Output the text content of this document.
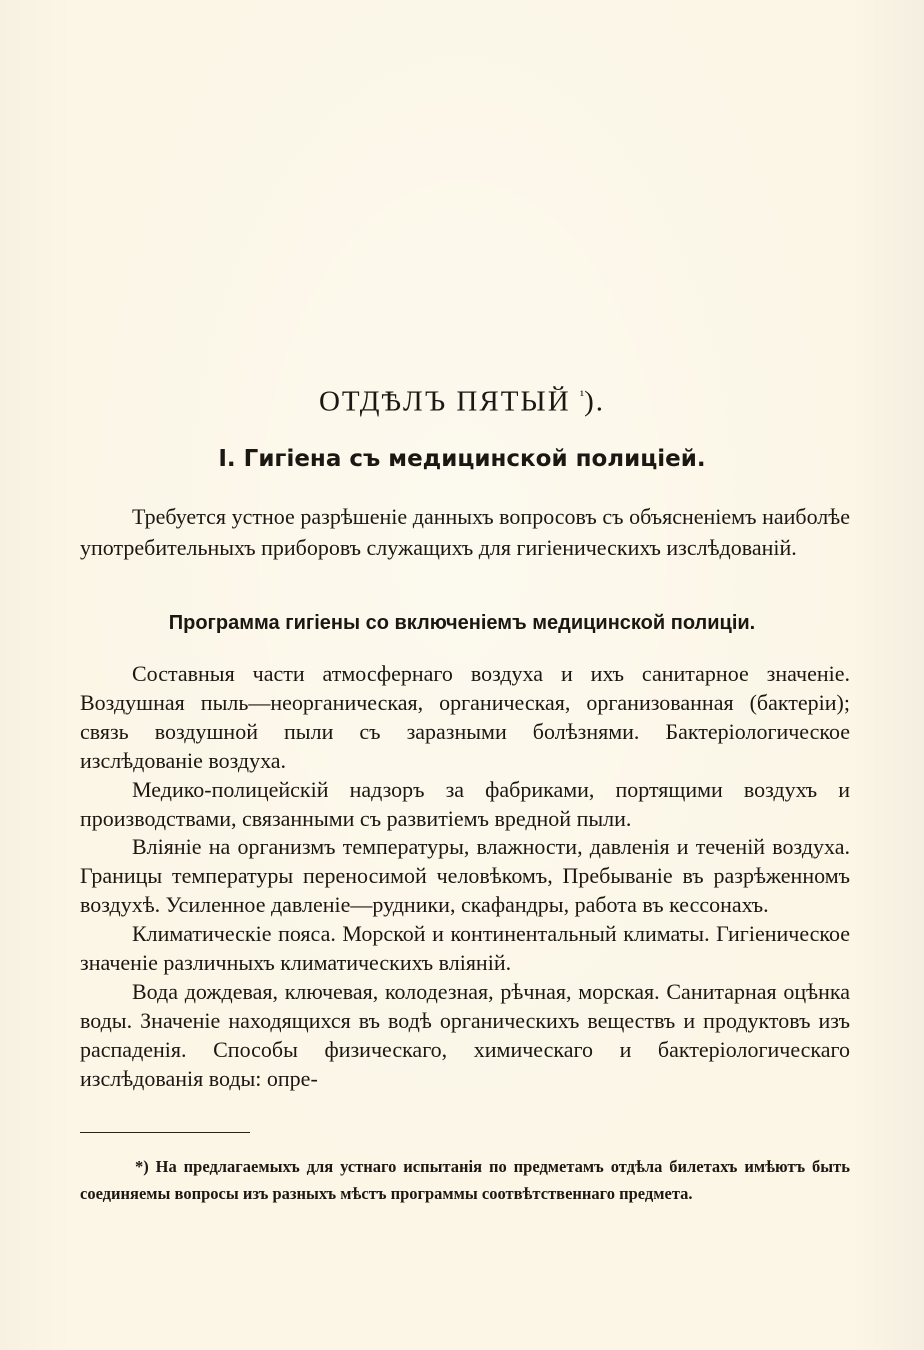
ОТДѢЛЪ ПЯТЫЙ $^{^1}$).
I. Гигiена съ медицинской полицiей.

Требуется устное разрѣшенiе данныхъ вопросовъ съ объясненiемъ наиболѣе употребительныхъ приборовъ служащихъ для гигiеническихъ изслѣдованiй.

Программа гигiены со включенiемъ медицинской полицiи.

Составныя части атмосфернаго воздуха и ихъ санитарное значенiе. Воздушная пыль—неорганическая, органическая, организованная (бактерiи); связь воздушной пыли съ заразными болѣзнями. Бактерiологическое изслѣдованiе воздуха.

Медико-полицейскiй надзоръ за фабриками, портящими воздухъ и производствами, связанными съ развитiемъ вредной пыли.

Влiянiе на организмъ температуры, влажности, давленiя и теченiй воздуха. Границы температуры переносимой человѣкомъ, Пребыванiе въ разрѣженномъ воздухѣ. Усиленное давленiе—рудники, скафандры, работа въ кессонахъ.

Климатическiе пояса. Морской и континентальный климаты. Гигiеническое значенiе различныхъ климатическихъ влiянiй.

Вода дождевая, ключевая, колодезная, рѣчная, морская. Санитарная оцѣнка воды. Значенiе находящихся въ водѣ органическихъ веществъ и продуктовъ изъ распаденiя. Способы физическаго, химическаго и бактерiологическаго изслѣдованiя воды: опре-

*) На предлагаемыхъ для устнаго испытанiя по предметамъ отдѣла билетахъ имѣютъ быть соединяемы вопросы изъ разныхъ мѣстъ программы соотвѣтственнаго предмета.
